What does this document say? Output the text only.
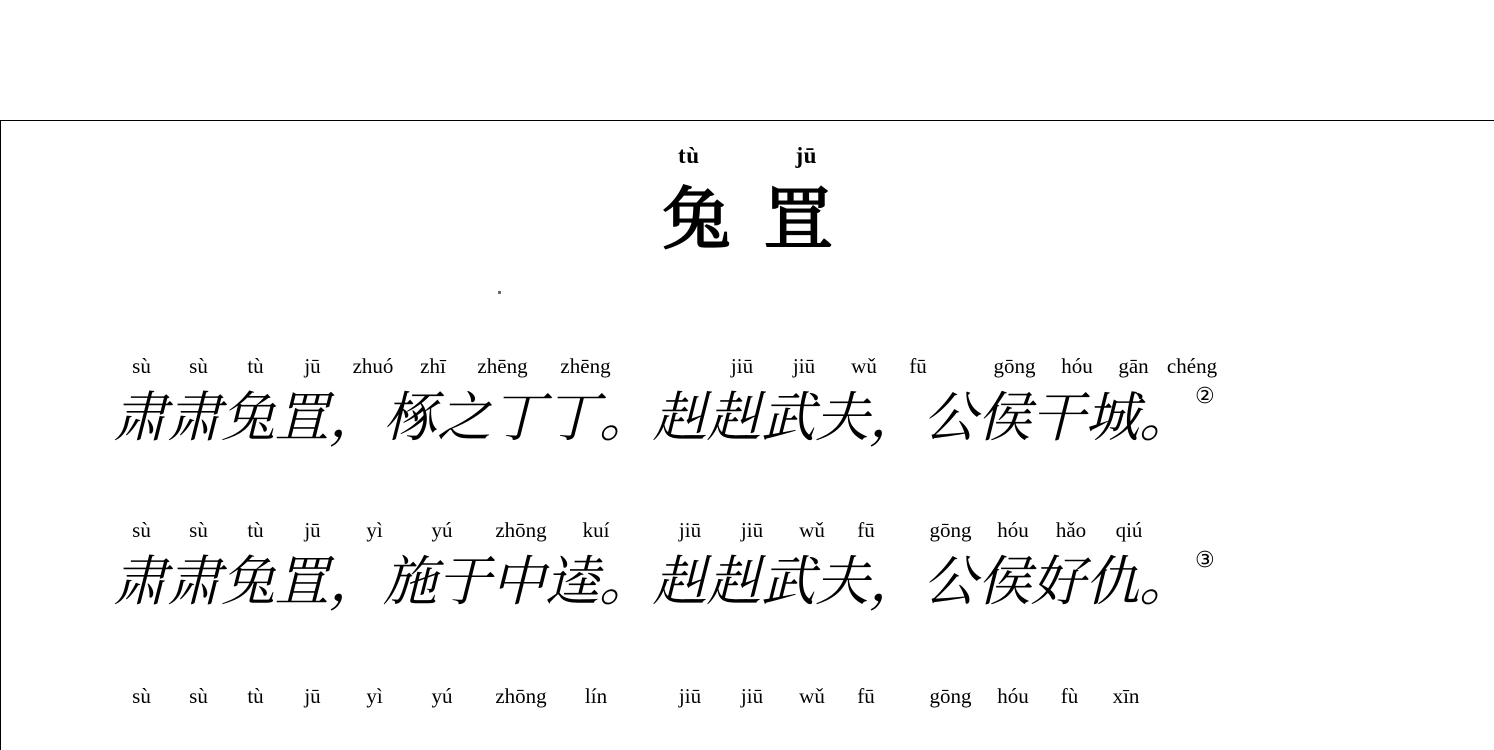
tù	jū
兔罝
sù	sù	tù	jū	zhuó	zhī	zhēng	zhēng	jiū	jiū	wǔ	fū	gōng	hóu	gān chéng
肃肃兔罝，椓之丁丁。赳赳武夫，公侯干城。②
sù	sù	tù	jū	yì	yú	zhōng	kuí	jiū	jiū	wǔ	fū	gōng	hóu	hǎo	qiú
肃肃兔罝，施于中逵。赳赳武夫，公侯好仇。③
sù	sù	tù	jū	yì	yú	zhōng	lín	jiū	jiū	wǔ	fū	gōng	hóu	fù	xīn
